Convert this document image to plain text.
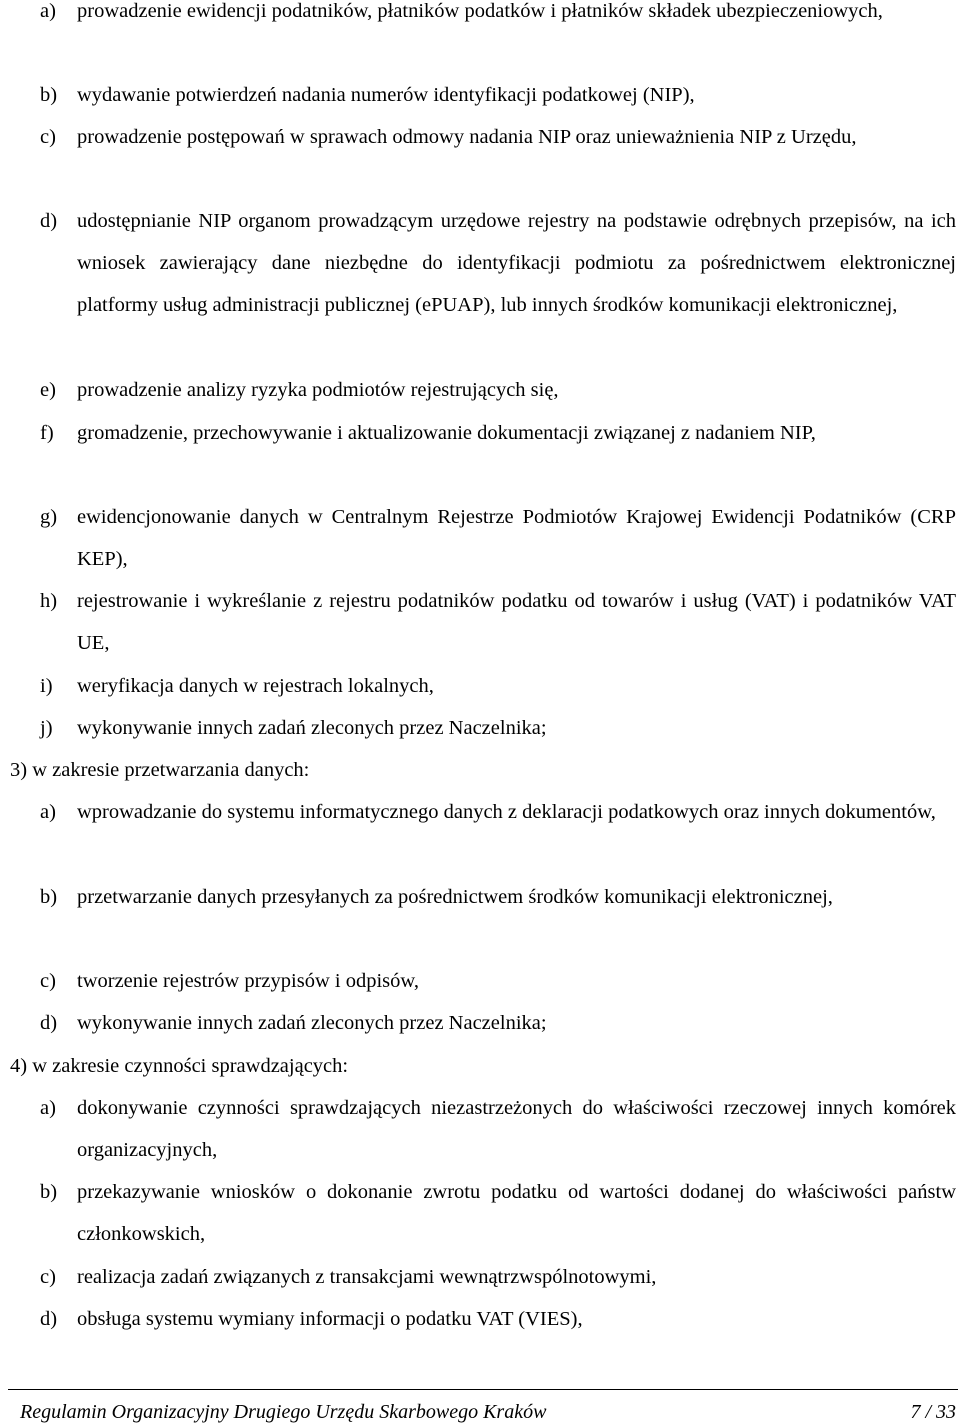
a) prowadzenie ewidencji podatników, płatników podatków i płatników składek ubezpieczeniowych,
b) wydawanie potwierdzeń nadania numerów identyfikacji podatkowej (NIP),
c) prowadzenie postępowań w sprawach odmowy nadania NIP oraz unieważnienia NIP z Urzędu,
d) udostępnianie NIP organom prowadzącym urzędowe rejestry na podstawie odrębnych przepisów, na ich wniosek zawierający dane niezbędne do identyfikacji podmiotu za pośrednictwem elektronicznej platformy usług administracji publicznej (ePUAP), lub innych środków komunikacji elektronicznej,
e) prowadzenie analizy ryzyka podmiotów rejestrujących się,
f) gromadzenie, przechowywanie i aktualizowanie dokumentacji związanej z nadaniem NIP,
g) ewidencjonowanie danych w Centralnym Rejestrze Podmiotów Krajowej Ewidencji Podatników (CRP KEP),
h) rejestrowanie i wykreślanie z rejestru podatników podatku od towarów i usług (VAT) i podatników VAT UE,
i) weryfikacja danych w rejestrach lokalnych,
j) wykonywanie innych zadań zleconych przez Naczelnika;
3) w zakresie przetwarzania danych:
a) wprowadzanie do systemu informatycznego danych z deklaracji podatkowych oraz innych dokumentów,
b) przetwarzanie danych przesyłanych za pośrednictwem środków komunikacji elektronicznej,
c) tworzenie rejestrów przypisów i odpisów,
d) wykonywanie innych zadań zleconych przez Naczelnika;
4) w zakresie czynności sprawdzających:
a) dokonywanie czynności sprawdzających niezastrzeżonych do właściwości rzeczowej innych komórek organizacyjnych,
b) przekazywanie wniosków o dokonanie zwrotu podatku od wartości dodanej do właściwości państw członkowskich,
c) realizacja zadań związanych z transakcjami wewnątrzwspólnotowymi,
d) obsługa systemu wymiany informacji o podatku VAT (VIES),
Regulamin Organizacyjny Drugiego Urzędu Skarbowego Kraków	7 / 33
